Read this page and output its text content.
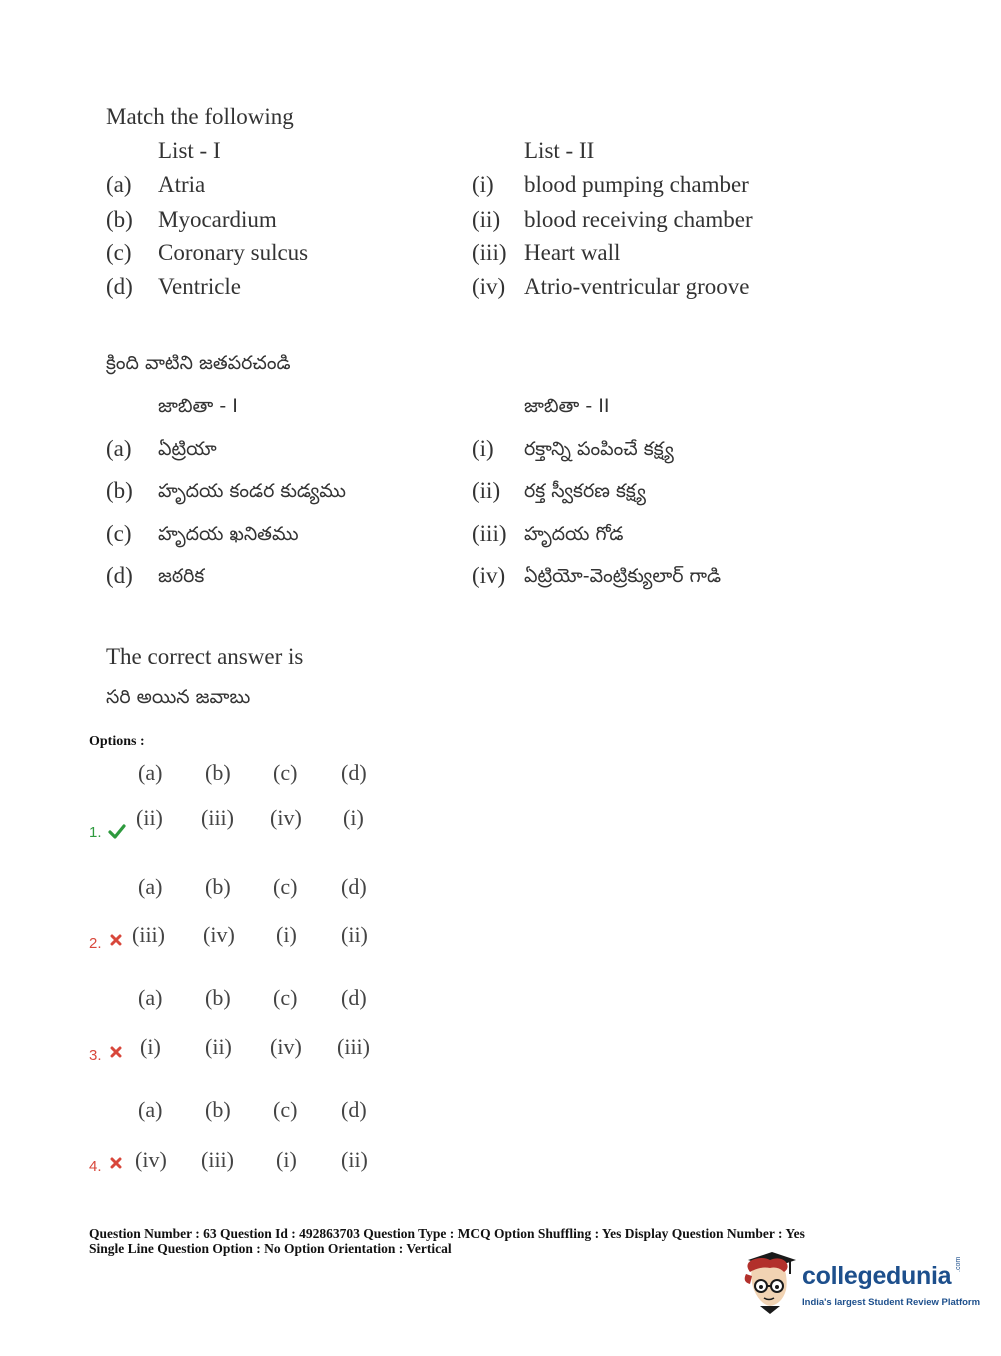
Match the following
List - I	List - II
(a) Atria	(i) blood pumping chamber
(b) Myocardium	(ii) blood receiving chamber
(c) Coronary sulcus	(iii) Heart wall
(d) Ventricle	(iv) Atrio-ventricular groove
క్రింది వాటిని జతపరచండి
జాబితా - I	జాబితా - II
(a) ఏట్రియా	(i) రక్తాన్ని పంపించే కక్ష్య
(b) హృదయ కండర కుడ్యము	(ii) రక్త స్వీకరణ కక్ష్య
(c) హృదయ ఖనితము	(iii) హృదయ గోడ
(d) జఠరిక	(iv) ఏట్రియో-వెంట్రిక్యులార్ గాడి
The correct answer is
సరి అయిన జవాబు
Options :
(a) (b) (c) (d)
1.
(ii) (iii) (iv) (i)
(a) (b) (c) (d)
2. (iii) (iv) (i) (ii)
(a) (b) (c) (d)
3. (i) (ii) (iv) (iii)
(a) (b) (c) (d)
4. (iv) (iii) (i) (ii)
Question Number : 63 Question Id : 492863703 Question Type : MCQ Option Shuffling : Yes Display Question Number : Yes
Single Line Question Option : No Option Orientation : Vertical
collegedunia .com
India's largest Student Review Platform
